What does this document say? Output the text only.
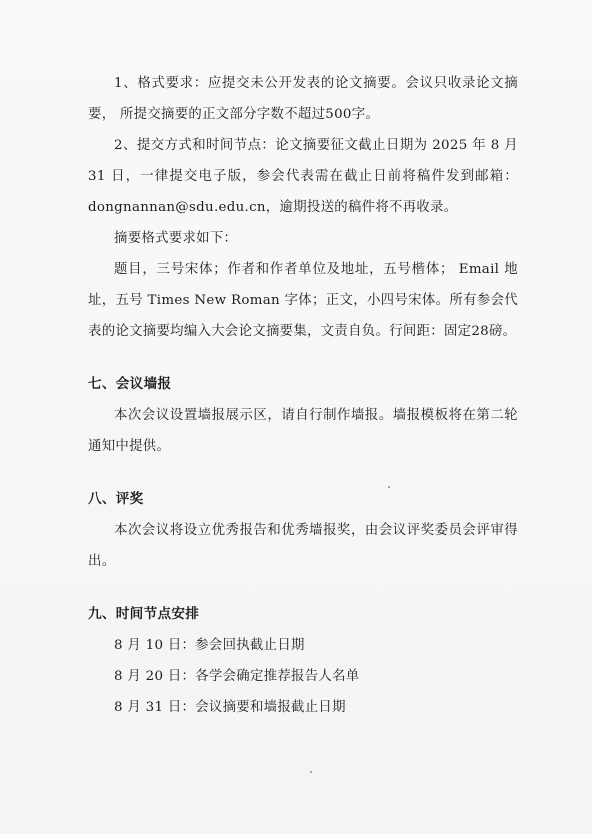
1、格式要求：应提交未公开发表的论文摘要。会议只收录论文摘要， 所提交摘要的正文部分字数不超过500字。

2、提交方式和时间节点：论文摘要征文截止日期为 2025 年 8 月 31 日，一律提交电子版，参会代表需在截止日前将稿件发到邮箱：dongnannan@sdu.edu.cn，逾期投送的稿件将不再收录。

摘要格式要求如下：

题目，三号宋体；作者和作者单位及地址，五号楷体； Email 地址，五号 Times New Roman 字体；正文，小四号宋体。所有参会代表的论文摘要均编入大会论文摘要集，文责自负。行间距：固定28磅。

七、会议墙报

本次会议设置墙报展示区，请自行制作墙报。墙报模板将在第二轮通知中提供。

八、评奖

本次会议将设立优秀报告和优秀墙报奖，由会议评奖委员会评审得出。

九、时间节点安排

8 月 10 日：参会回执截止日期

8 月 20 日：各学会确定推荐报告人名单

8 月 31 日：会议摘要和墙报截止日期
